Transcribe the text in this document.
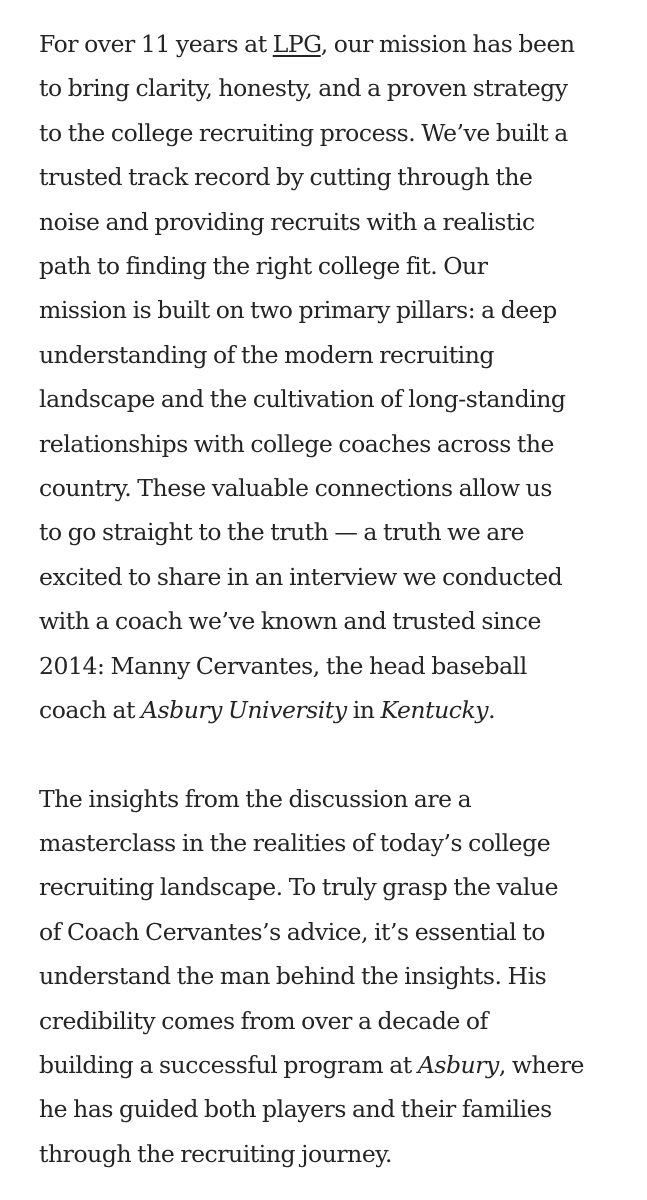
For over 11 years at LPG, our mission has been
to bring clarity, honesty, and a proven strategy
to the college recruiting process. We’ve built a
trusted track record by cutting through the
noise and providing recruits with a realistic
path to finding the right college fit. Our
mission is built on two primary pillars: a deep
understanding of the modern recruiting
landscape and the cultivation of long-standing
relationships with college coaches across the
country. These valuable connections allow us
to go straight to the truth — a truth we are
excited to share in an interview we conducted
with a coach we’ve known and trusted since
2014: Manny Cervantes, the head baseball
coach at Asbury University in Kentucky.

The insights from the discussion are a
masterclass in the realities of today’s college
recruiting landscape. To truly grasp the value
of Coach Cervantes’s advice, it’s essential to
understand the man behind the insights. His
credibility comes from over a decade of
building a successful program at Asbury, where
he has guided both players and their families
through the recruiting journey.
